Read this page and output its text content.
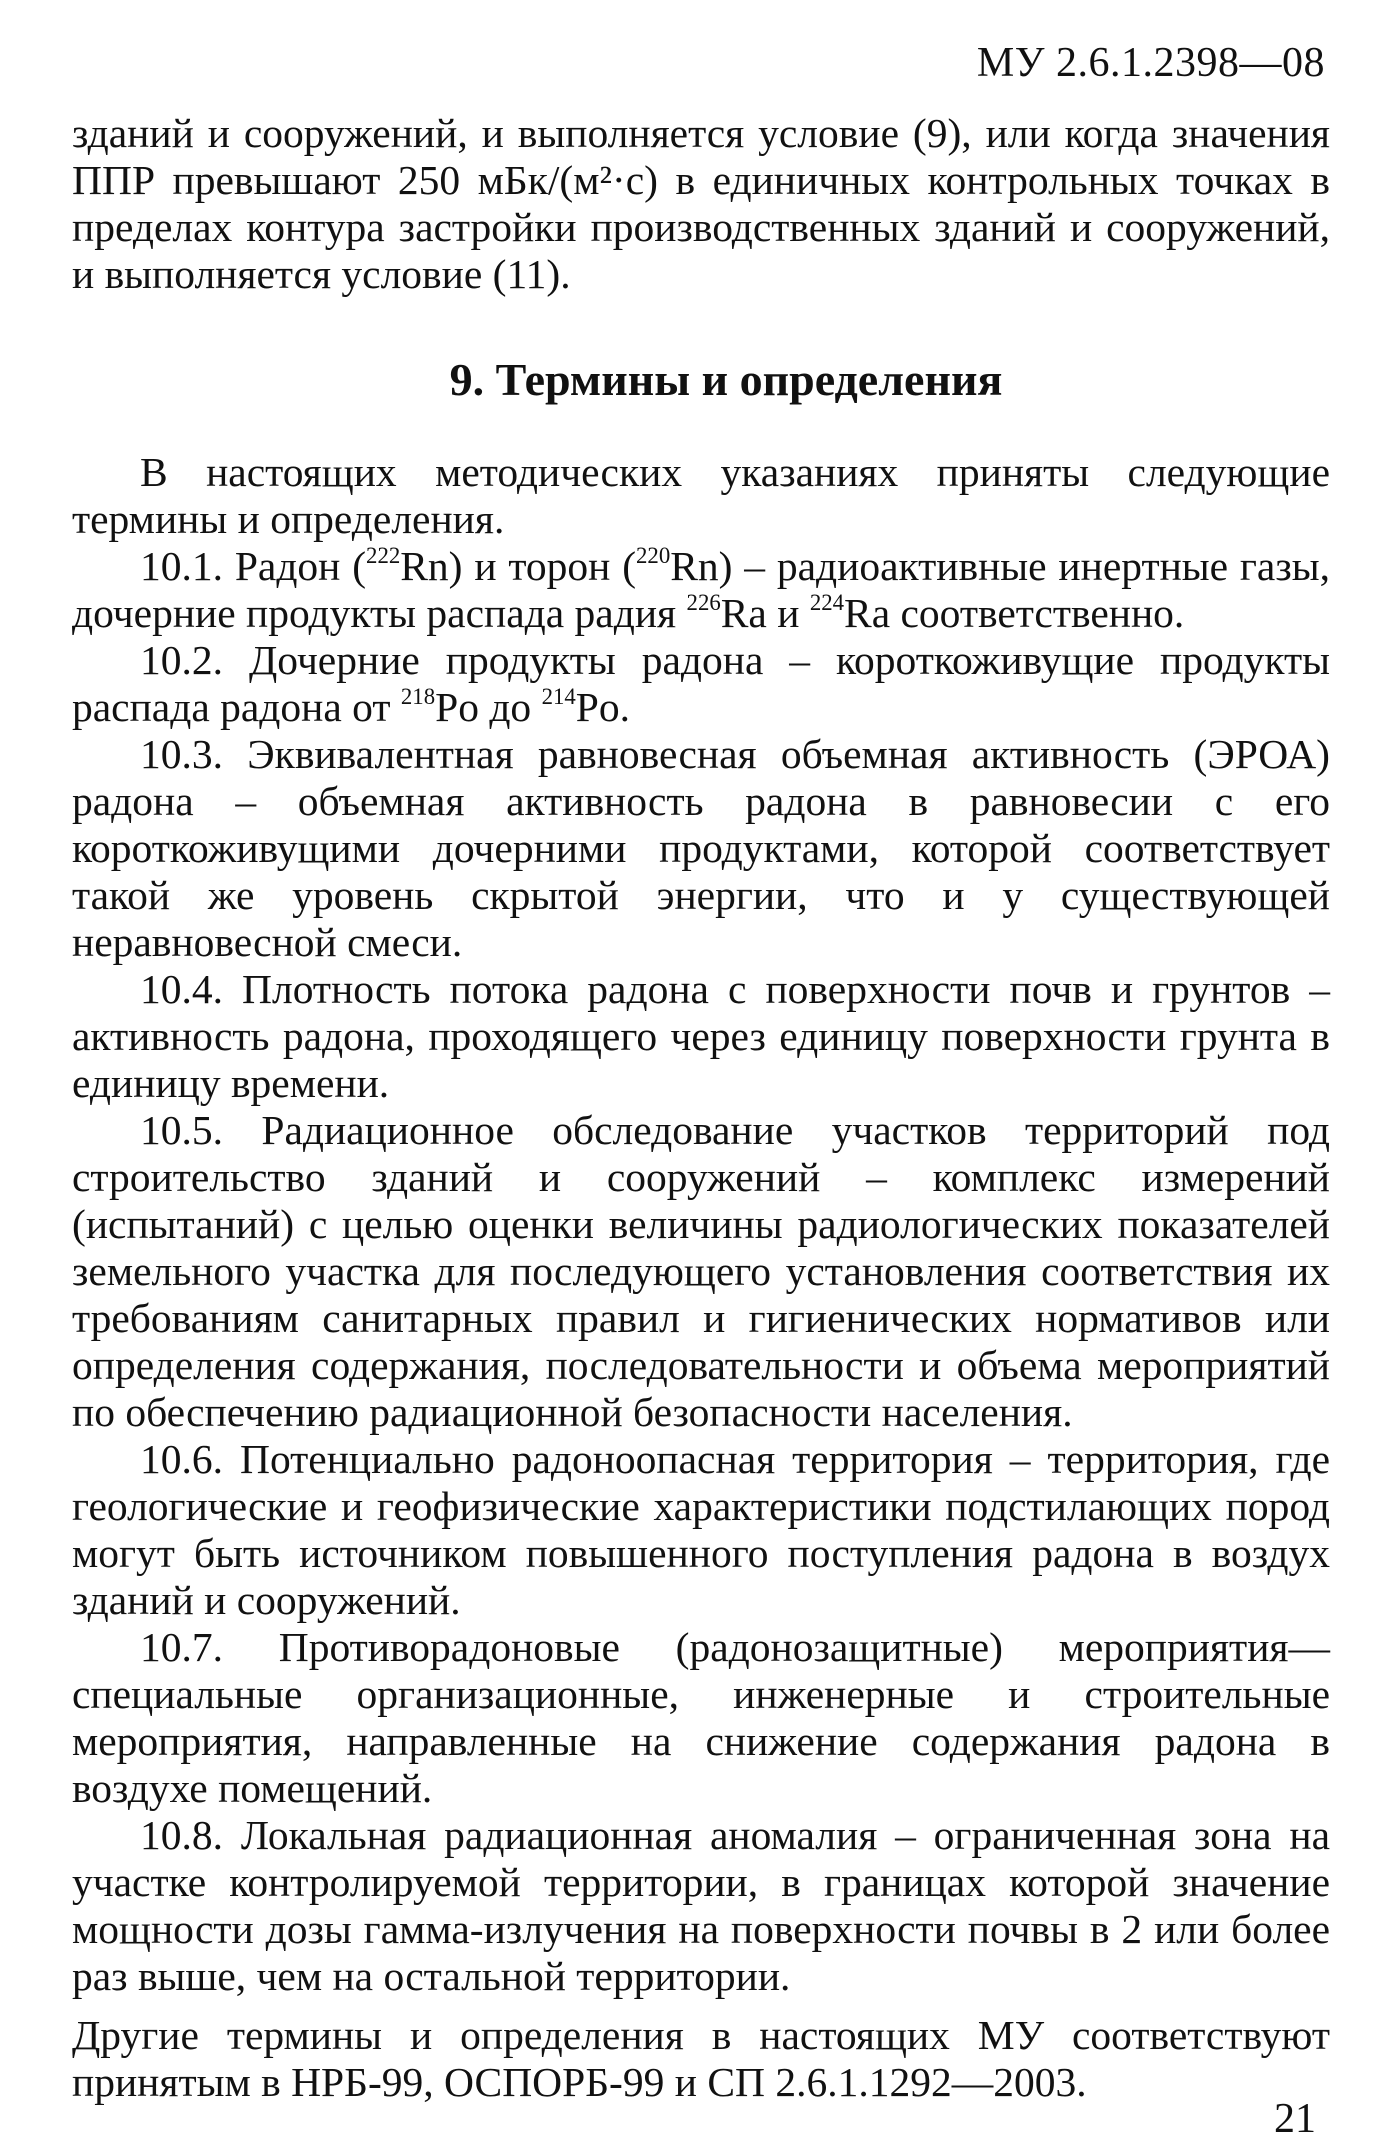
МУ 2.6.1.2398—08

зданий и сооружений, и выполняется условие (9), или когда значения ППР превышают 250 мБк/(м²·с) в единичных контрольных точках в пределах контура застройки производственных зданий и сооружений, и выполняется условие (11).

9. Термины и определения

В настоящих методических указаниях приняты следующие термины и определения.

10.1. Радон ($^{222}$Rn) и торон ($^{220}$Rn) – радиоактивные инертные газы, дочерние продукты распада радия $^{226}$Ra и $^{224}$Ra соответственно.

10.2. Дочерние продукты радона – короткоживущие продукты распада радона от $^{218}$Po до $^{214}$Po.

10.3. Эквивалентная равновесная объемная активность (ЭРОА) радона – объемная активность радона в равновесии с его короткоживущими дочерними продуктами, которой соответствует такой же уровень скрытой энергии, что и у существующей неравновесной смеси.

10.4. Плотность потока радона с поверхности почв и грунтов – активность радона, проходящего через единицу поверхности грунта в единицу времени.

10.5. Радиационное обследование участков территорий под строительство зданий и сооружений – комплекс измерений (испытаний) с целью оценки величины радиологических показателей земельного участка для последующего установления соответствия их требованиям санитарных правил и гигиенических нормативов или определения содержания, последовательности и объема мероприятий по обеспечению радиационной безопасности населения.

10.6. Потенциально радоноопасная территория – территория, где геологические и геофизические характеристики подстилающих пород могут быть источником повышенного поступления радона в воздух зданий и сооружений.

10.7. Противорадоновые (радонозащитные) мероприятия— специальные организационные, инженерные и строительные мероприятия, направленные на снижение содержания радона в воздухе помещений.

10.8. Локальная радиационная аномалия – ограниченная зона на участке контролируемой территории, в границах которой значение мощности дозы гамма-излучения на поверхности почвы в 2 или более раз выше, чем на остальной территории.

Другие термины и определения в настоящих МУ соответствуют принятым в НРБ-99, ОСПОРБ-99 и СП 2.6.1.1292—2003.

21
